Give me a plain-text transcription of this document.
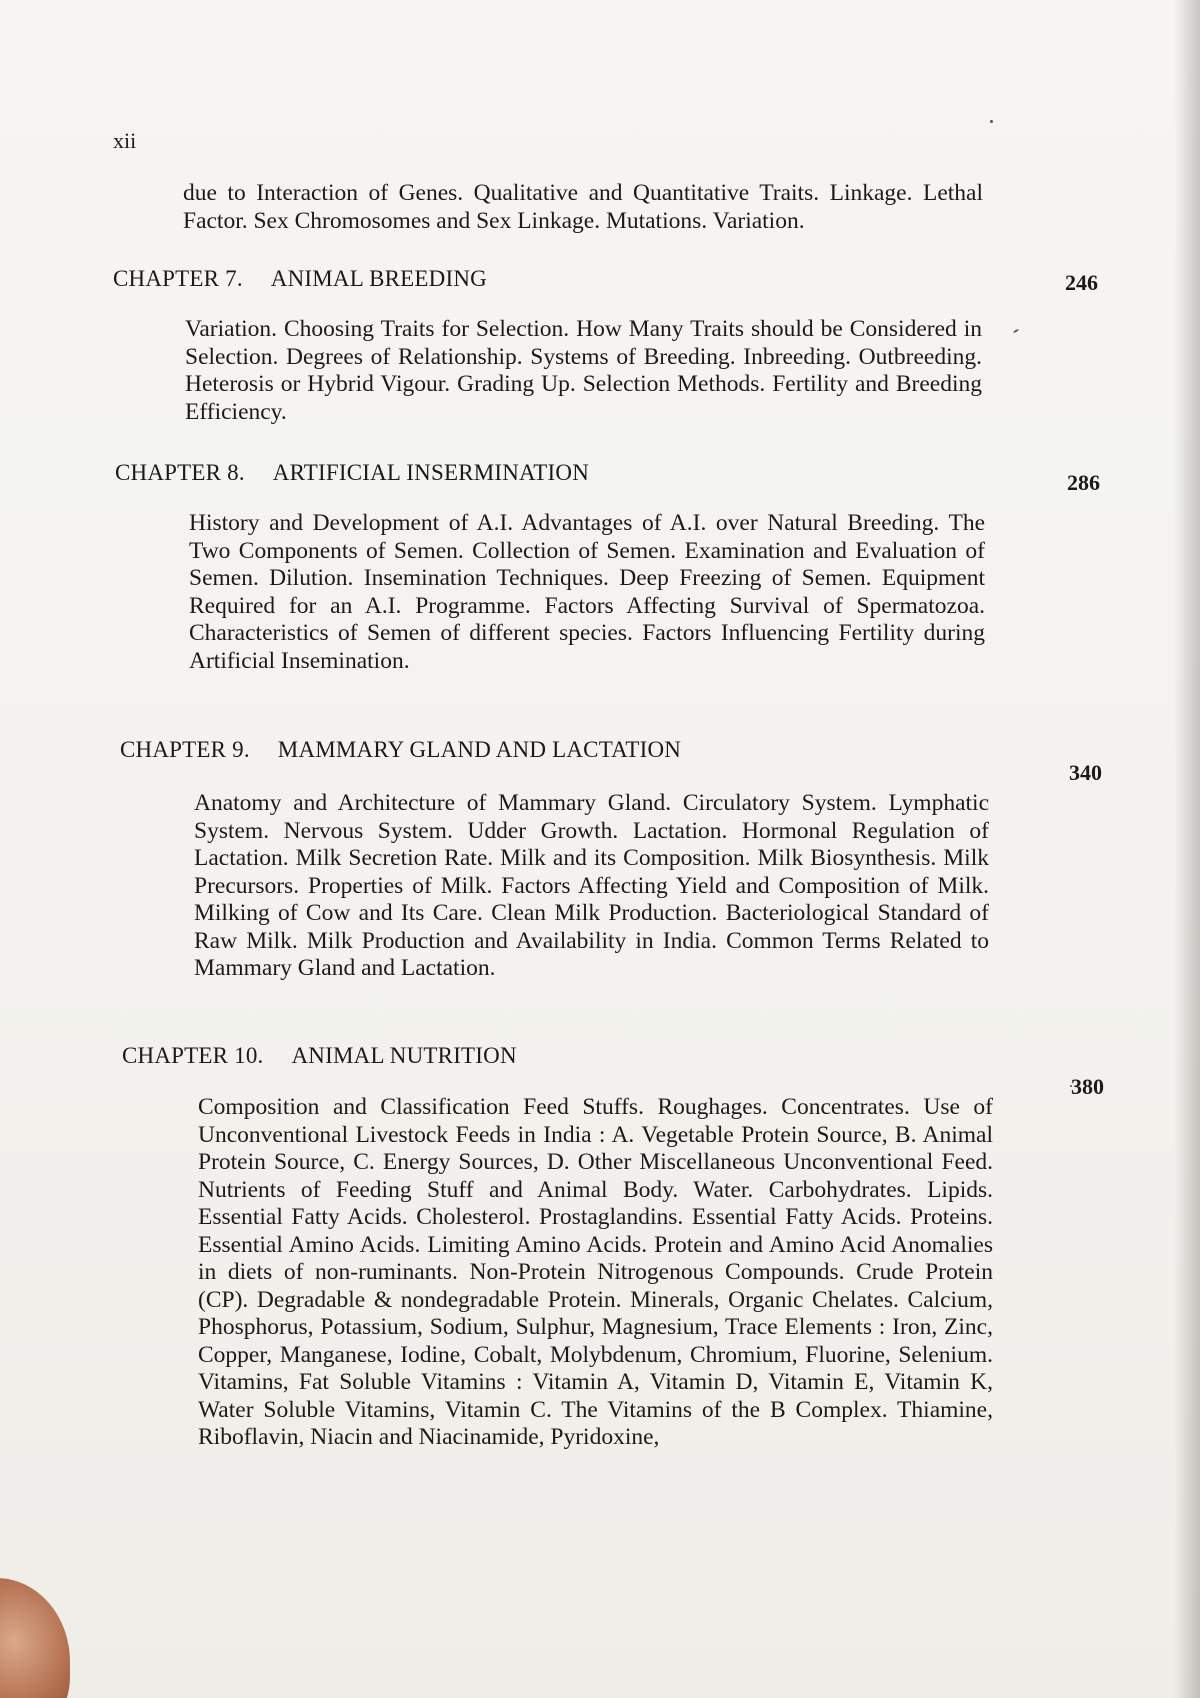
xii

due to Interaction of Genes. Qualitative and Quantitative Traits. Linkage. Lethal Factor. Sex Chromosomes and Sex Linkage. Mutations. Variation.

CHAPTER 7. ANIMAL BREEDING	246

Variation. Choosing Traits for Selection. How Many Traits should be Considered in Selection. Degrees of Relationship. Systems of Breeding. Inbreeding. Outbreeding. Heterosis or Hybrid Vigour. Grading Up. Selection Methods. Fertility and Breeding Efficiency.

CHAPTER 8. ARTIFICIAL INSERMINATION	286

History and Development of A.I. Advantages of A.I. over Natural Breeding. The Two Components of Semen. Collection of Semen. Examination and Evaluation of Semen. Dilution. Insemination Techniques. Deep Freezing of Semen. Equipment Required for an A.I. Programme. Factors Affecting Survival of Spermatozoa. Characteristics of Semen of different species. Factors Influencing Fertility during Artificial Insemination.

CHAPTER 9. MAMMARY GLAND AND LACTATION
340

Anatomy and Architecture of Mammary Gland. Circulatory System. Lymphatic System. Nervous System. Udder Growth. Lactation. Hormonal Regulation of Lactation. Milk Secretion Rate. Milk and its Composition. Milk Biosynthesis. Milk Precursors. Properties of Milk. Factors Affecting Yield and Composition of Milk. Milking of Cow and Its Care. Clean Milk Production. Bacteriological Standard of Raw Milk. Milk Production and Availability in India. Common Terms Related to Mammary Gland and Lactation.

CHAPTER 10. ANIMAL NUTRITION
380

Composition and Classification Feed Stuffs. Roughages. Concentrates. Use of Unconventional Livestock Feeds in India : A. Vegetable Protein Source, B. Animal Protein Source, C. Energy Sources, D. Other Miscellaneous Unconventional Feed. Nutrients of Feeding Stuff and Animal Body. Water. Carbohydrates. Lipids. Essential Fatty Acids. Cholesterol. Prostaglandins. Essential Fatty Acids. Proteins. Essential Amino Acids. Limiting Amino Acids. Protein and Amino Acid Anomalies in diets of non-ruminants. Non-Protein Nitrogenous Compounds. Crude Protein (CP). Degradable & nondegradable Protein. Minerals, Organic Chelates. Calcium, Phosphorus, Potassium, Sodium, Sulphur, Magnesium, Trace Elements : Iron, Zinc, Copper, Manganese, Iodine, Cobalt, Molybdenum, Chromium, Fluorine, Selenium. Vitamins, Fat Soluble Vitamins : Vitamin A, Vitamin D, Vitamin E, Vitamin K, Water Soluble Vitamins, Vitamin C. The Vitamins of the B Complex. Thiamine, Riboflavin, Niacin and Niacinamide, Pyridoxine,
